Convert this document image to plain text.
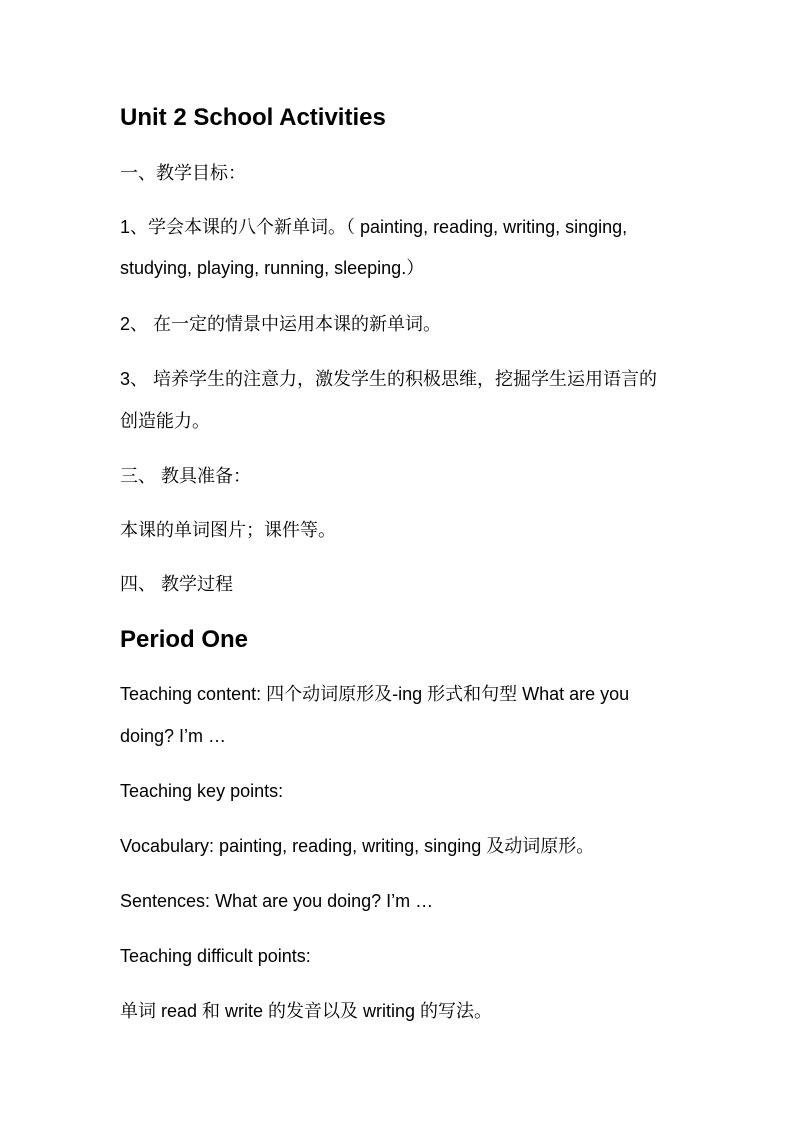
Unit 2 School Activities
一、教学目标：
1、学会本课的八个新单词。（ painting, reading, writing, singing,
studying, playing, running, sleeping.）
2、 在一定的情景中运用本课的新单词。
3、 培养学生的注意力，激发学生的积极思维，挖掘学生运用语言的
创造能力。
三、 教具准备：
本课的单词图片；课件等。
四、 教学过程
Period One
Teaching content: 四个动词原形及-ing 形式和句型 What are you
doing? I’m …
Teaching key points:
Vocabulary: painting, reading, writing, singing 及动词原形。
Sentences: What are you doing? I’m …
Teaching difficult points:
单词 read 和 write 的发音以及 writing 的写法。
